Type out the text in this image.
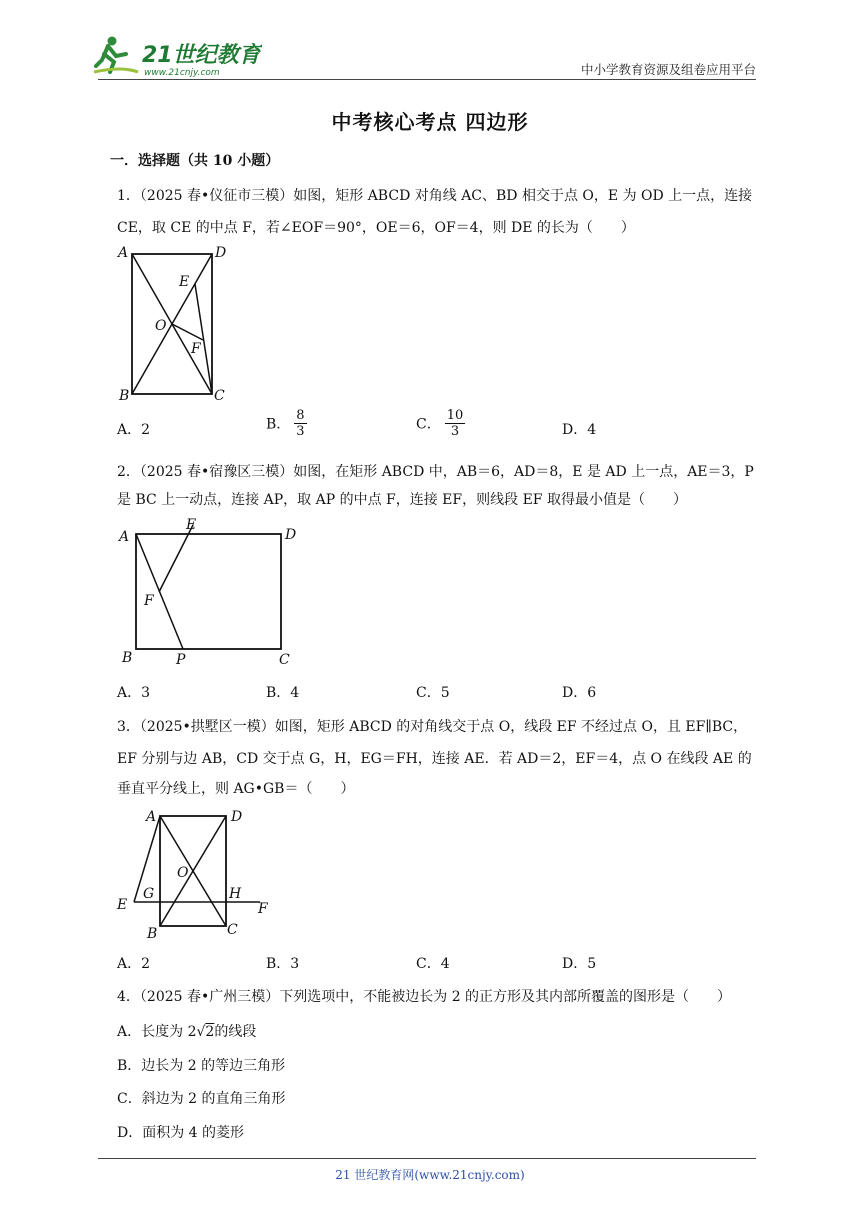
21世纪教育
www.21cnjy.com	中小学教育资源及组卷应用平台
中考核心考点 四边形
一．选择题（共 10 小题）
1．（2025 春•仪征市三模）如图，矩形 ABCD 对角线 AC、BD 相交于点 O，E 为 OD 上一点，连接
CE，取 CE 的中点 F，若∠EOF＝90°，OE＝6，OF＝4，则 DE 的长为（　　）
A	D
E
O
F
B	C
A．2	B． $\frac{8}{3}$	C． $\frac{10}{3}$	D．4
2．（2025 春•宿豫区三模）如图，在矩形 ABCD 中，AB＝6，AD＝8，E 是 AD 上一点，AE＝3，P
是 BC 上一动点，连接 AP，取 AP 的中点 F，连接 EF，则线段 EF 取得最小值是（　　）
A
E
D
F
B	P	C
A．3	B．4	C．5	D．6
3．（2025•拱墅区一模）如图，矩形 ABCD 的对角线交于点 O，线段 EF 不经过点 O，且 EF∥BC，
EF 分别与边 AB，CD 交于点 G，H，EG＝FH，连接 AE．若 AD＝2，EF＝4，点 O 在线段 AE 的
垂直平分线上，则 AG•GB＝（　　）
A	D
O
E
G	H
F
B	C
A．2	B．3	C．4	D．5
4．（2025 春•广州三模）下列选项中，不能被边长为 2 的正方形及其内部所覆盖的图形是（　　）
A．长度为 2√2的线段
B．边长为 2 的等边三角形
C．斜边为 2 的直角三角形
D．面积为 4 的菱形
21 世纪教育网(www.21cnjy.com)
